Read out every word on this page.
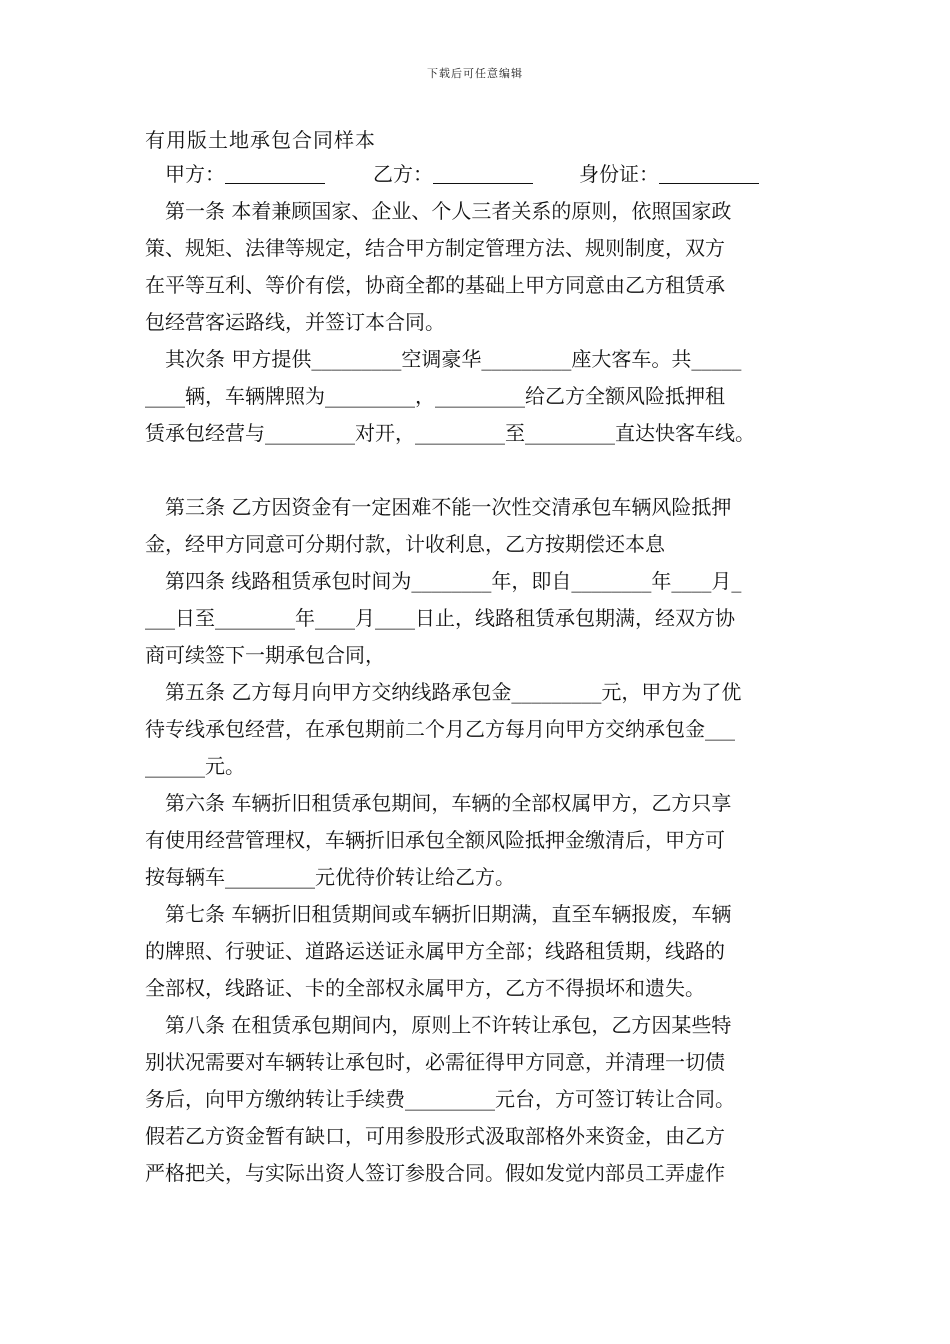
下载后可任意编辑
有用版土地承包合同样本
甲方：	乙方：	身份证：
第一条 本着兼顾国家、企业、个人三者关系的原则，依照国家政
策、规矩、法律等规定，结合甲方制定管理方法、规则制度，双方
在平等互利、等价有偿，协商全都的基础上甲方同意由乙方租赁承
包经营客运路线，并签订本合同。
其次条 甲方提供_________空调豪华_________座大客车。共_____
____辆，车辆牌照为_________，_________给乙方全额风险抵押租
赁承包经营与_________对开，_________至_________直达快客车线。
第三条 乙方因资金有一定困难不能一次性交清承包车辆风险抵押
金，经甲方同意可分期付款，计收利息，乙方按期偿还本息
第四条 线路租赁承包时间为________年，即自________年____月_
___日至________年____月____日止，线路租赁承包期满，经双方协
商可续签下一期承包合同，
第五条 乙方每月向甲方交纳线路承包金_________元，甲方为了优
待专线承包经营，在承包期前二个月乙方每月向甲方交纳承包金___
______元。
第六条 车辆折旧租赁承包期间，车辆的全部权属甲方，乙方只享
有使用经营管理权，车辆折旧承包全额风险抵押金缴清后，甲方可
按每辆车_________元优待价转让给乙方。
第七条 车辆折旧租赁期间或车辆折旧期满，直至车辆报废，车辆
的牌照、行驶证、道路运送证永属甲方全部；线路租赁期，线路的
全部权，线路证、卡的全部权永属甲方，乙方不得损坏和遗失。
第八条 在租赁承包期间内，原则上不许转让承包，乙方因某些特
别状况需要对车辆转让承包时，必需征得甲方同意，并清理一切债
务后，向甲方缴纳转让手续费_________元台，方可签订转让合同。
假若乙方资金暂有缺口，可用参股形式汲取部格外来资金，由乙方
严格把关，与实际出资人签订参股合同。假如发觉内部员工弄虚作
